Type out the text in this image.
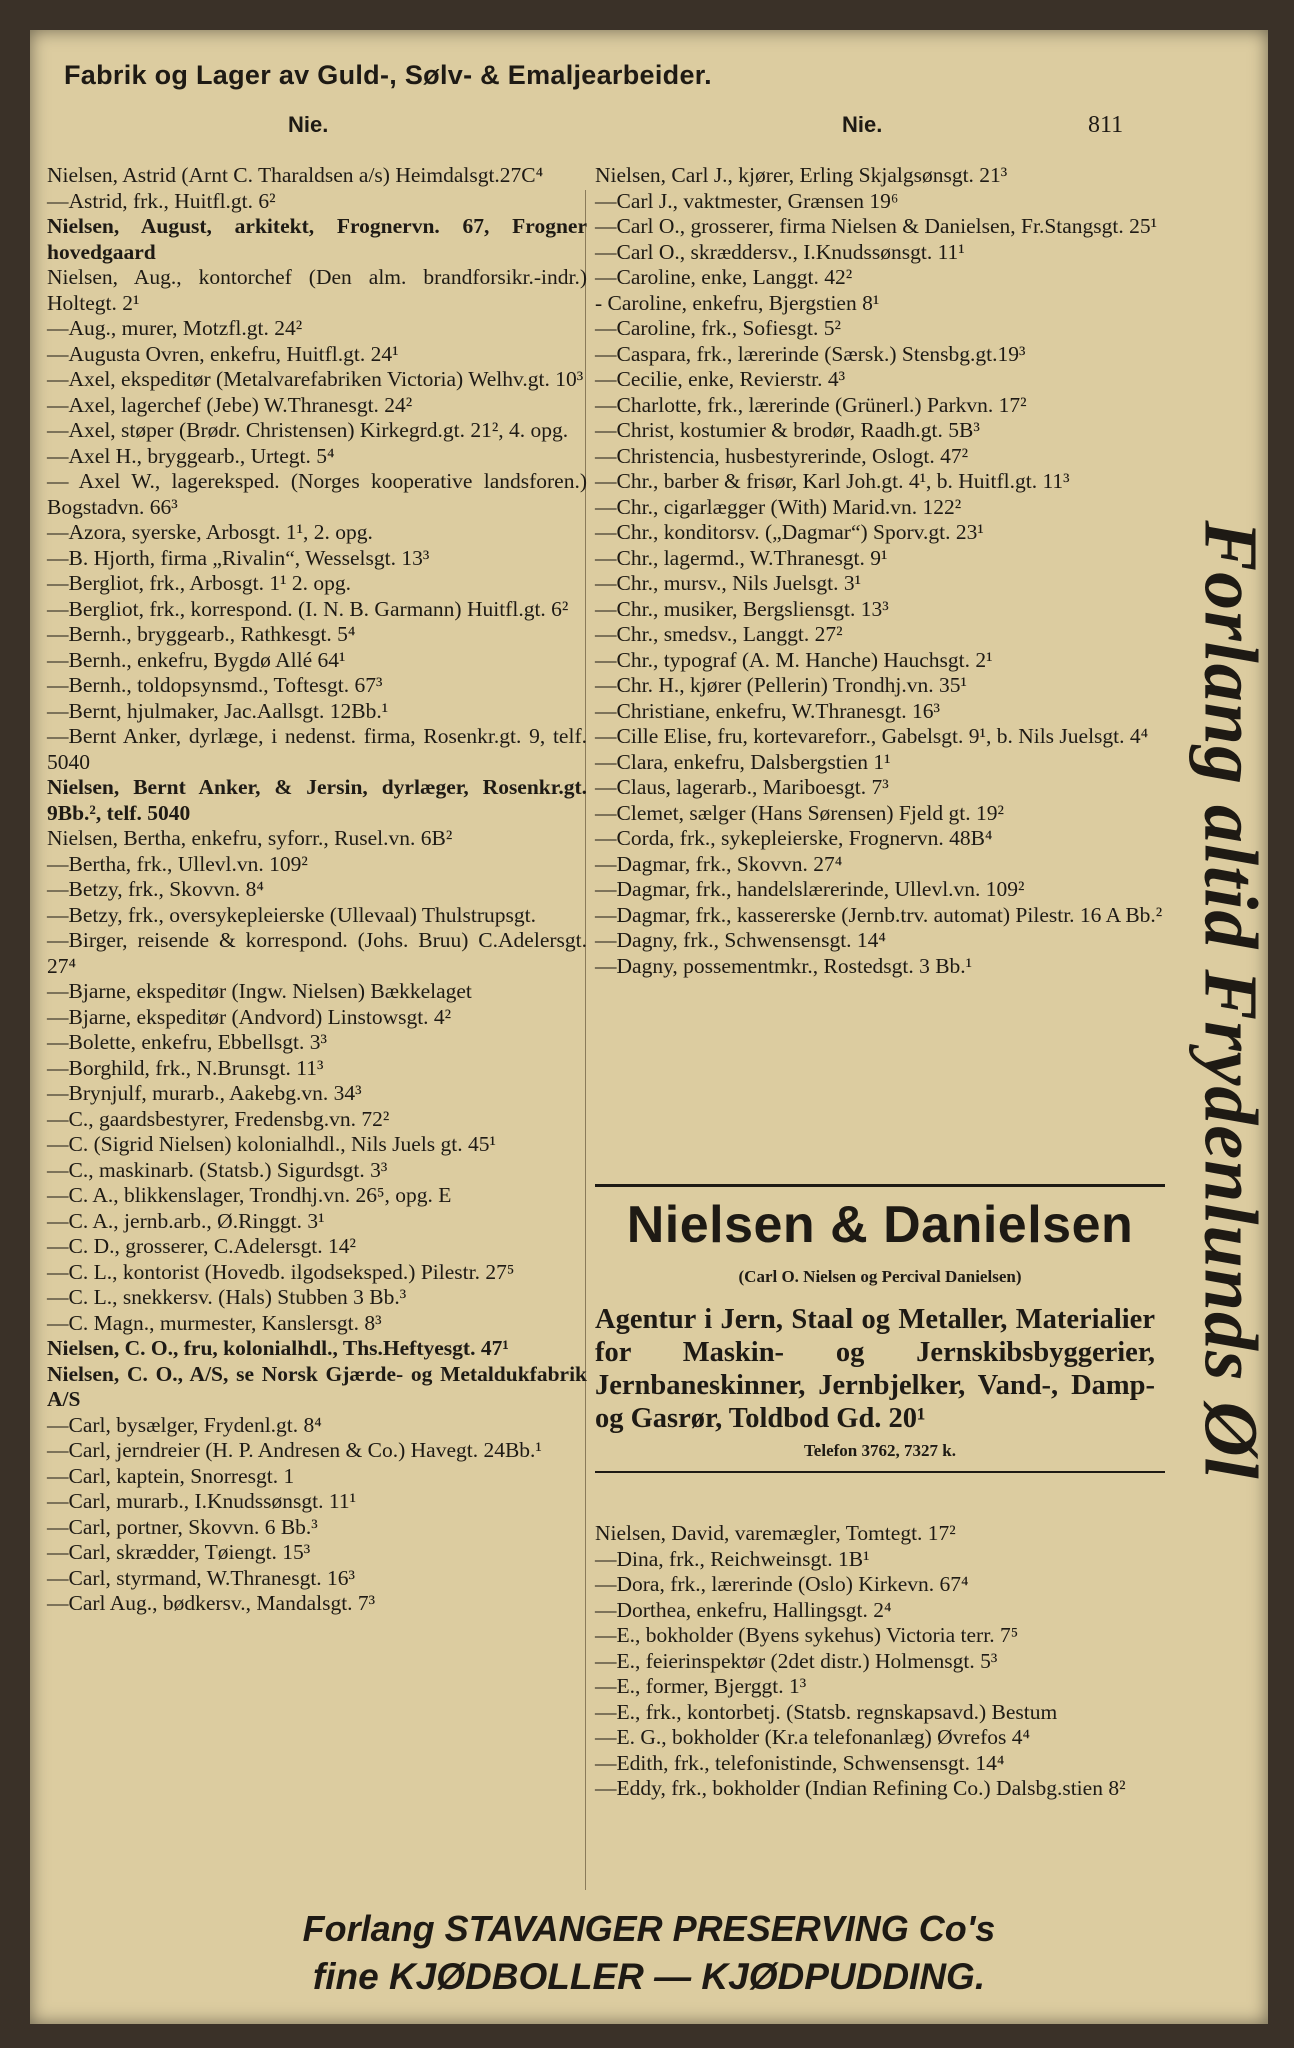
Fabrik og Lager av Guld-, Sølv- & Emaljearbeider.
Nie.	Nie.	811
Nielsen, Astrid (Arnt C. Tharaldsen a/s) Heimdalsgt.27C⁴
—Astrid, frk., Huitfl.gt. 6²
Nielsen, August, arkitekt, Frognervn. 67, Frogner hovedgaard
Nielsen, Aug., kontorchef (Den alm. brandforsikr.-indr.) Holtegt. 2¹
—Aug., murer, Motzfl.gt. 24²
—Augusta Ovren, enkefru, Huitfl.gt. 24¹
—Axel, ekspeditør (Metalvarefabriken Victoria) Welhv.gt. 10³
—Axel, lagerchef (Jebe) W.Thranesgt. 24²
—Axel, støper (Brødr. Christensen) Kirkegrd.gt. 21², 4. opg.
—Axel H., bryggearb., Urtegt. 5⁴
— Axel W., lagereksped. (Norges kooperative landsforen.) Bogstadvn. 66³
—Azora, syerske, Arbosgt. 1¹, 2. opg.
—B. Hjorth, firma „Rivalin“, Wesselsgt. 13³
—Bergliot, frk., Arbosgt. 1¹ 2. opg.
—Bergliot, frk., korrespond. (I. N. B. Garmann) Huitfl.gt. 6²
—Bernh., bryggearb., Rathkesgt. 5⁴
—Bernh., enkefru, Bygdø Allé 64¹
—Bernh., toldopsynsmd., Toftesgt. 67³
—Bernt, hjulmaker, Jac.Aallsgt. 12Bb.¹
—Bernt Anker, dyrlæge, i nedenst. firma, Rosenkr.gt. 9, telf. 5040
Nielsen, Bernt Anker, & Jersin, dyrlæger, Rosenkr.gt. 9Bb.², telf. 5040
Nielsen, Bertha, enkefru, syforr., Rusel.vn. 6B²
—Bertha, frk., Ullevl.vn. 109²
—Betzy, frk., Skovvn. 8⁴
—Betzy, frk., oversykepleierske (Ullevaal) Thulstrupsgt.
—Birger, reisende & korrespond. (Johs. Bruu) C.Adelersgt. 27⁴
—Bjarne, ekspeditør (Ingw. Nielsen) Bækkelaget
—Bjarne, ekspeditør (Andvord) Linstowsgt. 4²
—Bolette, enkefru, Ebbellsgt. 3³
—Borghild, frk., N.Brunsgt. 11³
—Brynjulf, murarb., Aakebg.vn. 34³
—C., gaardsbestyrer, Fredensbg.vn. 72²
—C. (Sigrid Nielsen) kolonialhdl., Nils Juels gt. 45¹
—C., maskinarb. (Statsb.) Sigurdsgt. 3³
—C. A., blikkenslager, Trondhj.vn. 26⁵, opg. E
—C. A., jernb.arb., Ø.Ringgt. 3¹
—C. D., grosserer, C.Adelersgt. 14²
—C. L., kontorist (Hovedb. ilgodseksped.) Pilestr. 27⁵
—C. L., snekkersv. (Hals) Stubben 3 Bb.³
—C. Magn., murmester, Kanslersgt. 8³
Nielsen, C. O., fru, kolonialhdl., Ths.Heftyesgt. 47¹
Nielsen, C. O., A/S, se Norsk Gjærde- og Metaldukfabrik A/S
—Carl, bysælger, Frydenl.gt. 8⁴
—Carl, jerndreier (H. P. Andresen & Co.) Havegt. 24Bb.¹
—Carl, kaptein, Snorresgt. 1
—Carl, murarb., I.Knudssønsgt. 11¹
—Carl, portner, Skovvn. 6 Bb.³
—Carl, skrædder, Tøiengt. 15³
—Carl, styrmand, W.Thranesgt. 16³
—Carl Aug., bødkersv., Mandalsgt. 7³
Nielsen, Carl J., kjører, Erling Skjalgsønsgt. 21³
—Carl J., vaktmester, Grænsen 19⁶
—Carl O., grosserer, firma Nielsen & Danielsen, Fr.Stangsgt. 25¹
—Carl O., skræddersv., I.Knudssønsgt. 11¹
—Caroline, enke, Langgt. 42²
- Caroline, enkefru, Bjergstien 8¹
—Caroline, frk., Sofiesgt. 5²
—Caspara, frk., lærerinde (Særsk.) Stensbg.gt.19³
—Cecilie, enke, Revierstr. 4³
—Charlotte, frk., lærerinde (Grünerl.) Parkvn. 17²
—Christ, kostumier & brodør, Raadh.gt. 5B³
—Christencia, husbestyrerinde, Oslogt. 47²
—Chr., barber & frisør, Karl Joh.gt. 4¹, b. Huitfl.gt. 11³
—Chr., cigarlægger (With) Marid.vn. 122²
—Chr., konditorsv. („Dagmar“) Sporv.gt. 23¹
—Chr., lagermd., W.Thranesgt. 9¹
—Chr., mursv., Nils Juelsgt. 3¹
—Chr., musiker, Bergsliensgt. 13³
—Chr., smedsv., Langgt. 27²
—Chr., typograf (A. M. Hanche) Hauchsgt. 2¹
—Chr. H., kjører (Pellerin) Trondhj.vn. 35¹
—Christiane, enkefru, W.Thranesgt. 16³
—Cille Elise, fru, kortevareforr., Gabelsgt. 9¹, b. Nils Juelsgt. 4⁴
—Clara, enkefru, Dalsbergstien 1¹
—Claus, lagerarb., Mariboesgt. 7³
—Clemet, sælger (Hans Sørensen) Fjeld gt. 19²
—Corda, frk., sykepleierske, Frognervn. 48B⁴
—Dagmar, frk., Skovvn. 27⁴
—Dagmar, frk., handelslærerinde, Ullevl.vn. 109²
—Dagmar, frk., kassererske (Jernb.trv. automat) Pilestr. 16 A Bb.²
—Dagny, frk., Schwensensgt. 14⁴
—Dagny, possementmkr., Rostedsgt. 3 Bb.¹
Nielsen & Danielsen
(Carl O. Nielsen og Percival Danielsen)
Agentur i Jern, Staal og Metaller, Materialier for Maskin- og Jernskibsbyggerier, Jernbaneskinner, Jernbjelker, Vand-, Damp- og Gasrør, Toldbod Gd. 20¹
Telefon 3762, 7327 k.
Nielsen, David, varemægler, Tomtegt. 17²
—Dina, frk., Reichweinsgt. 1B¹
—Dora, frk., lærerinde (Oslo) Kirkevn. 67⁴
—Dorthea, enkefru, Hallingsgt. 2⁴
—E., bokholder (Byens sykehus) Victoria terr. 7⁵
—E., feierinspektør (2det distr.) Holmensgt. 5³
—E., former, Bjerggt. 1³
—E., frk., kontorbetj. (Statsb. regnskapsavd.) Bestum
—E. G., bokholder (Kr.a telefonanlæg) Øvrefos 4⁴
—Edith, frk., telefonistinde, Schwensensgt. 14⁴
—Eddy, frk., bokholder (Indian Refining Co.) Dalsbg.stien 8²
Forlang altid Frydenlunds Øl
Forlang STAVANGER PRESERVING Co's
fine KJØDBOLLER — KJØDPUDDING.
